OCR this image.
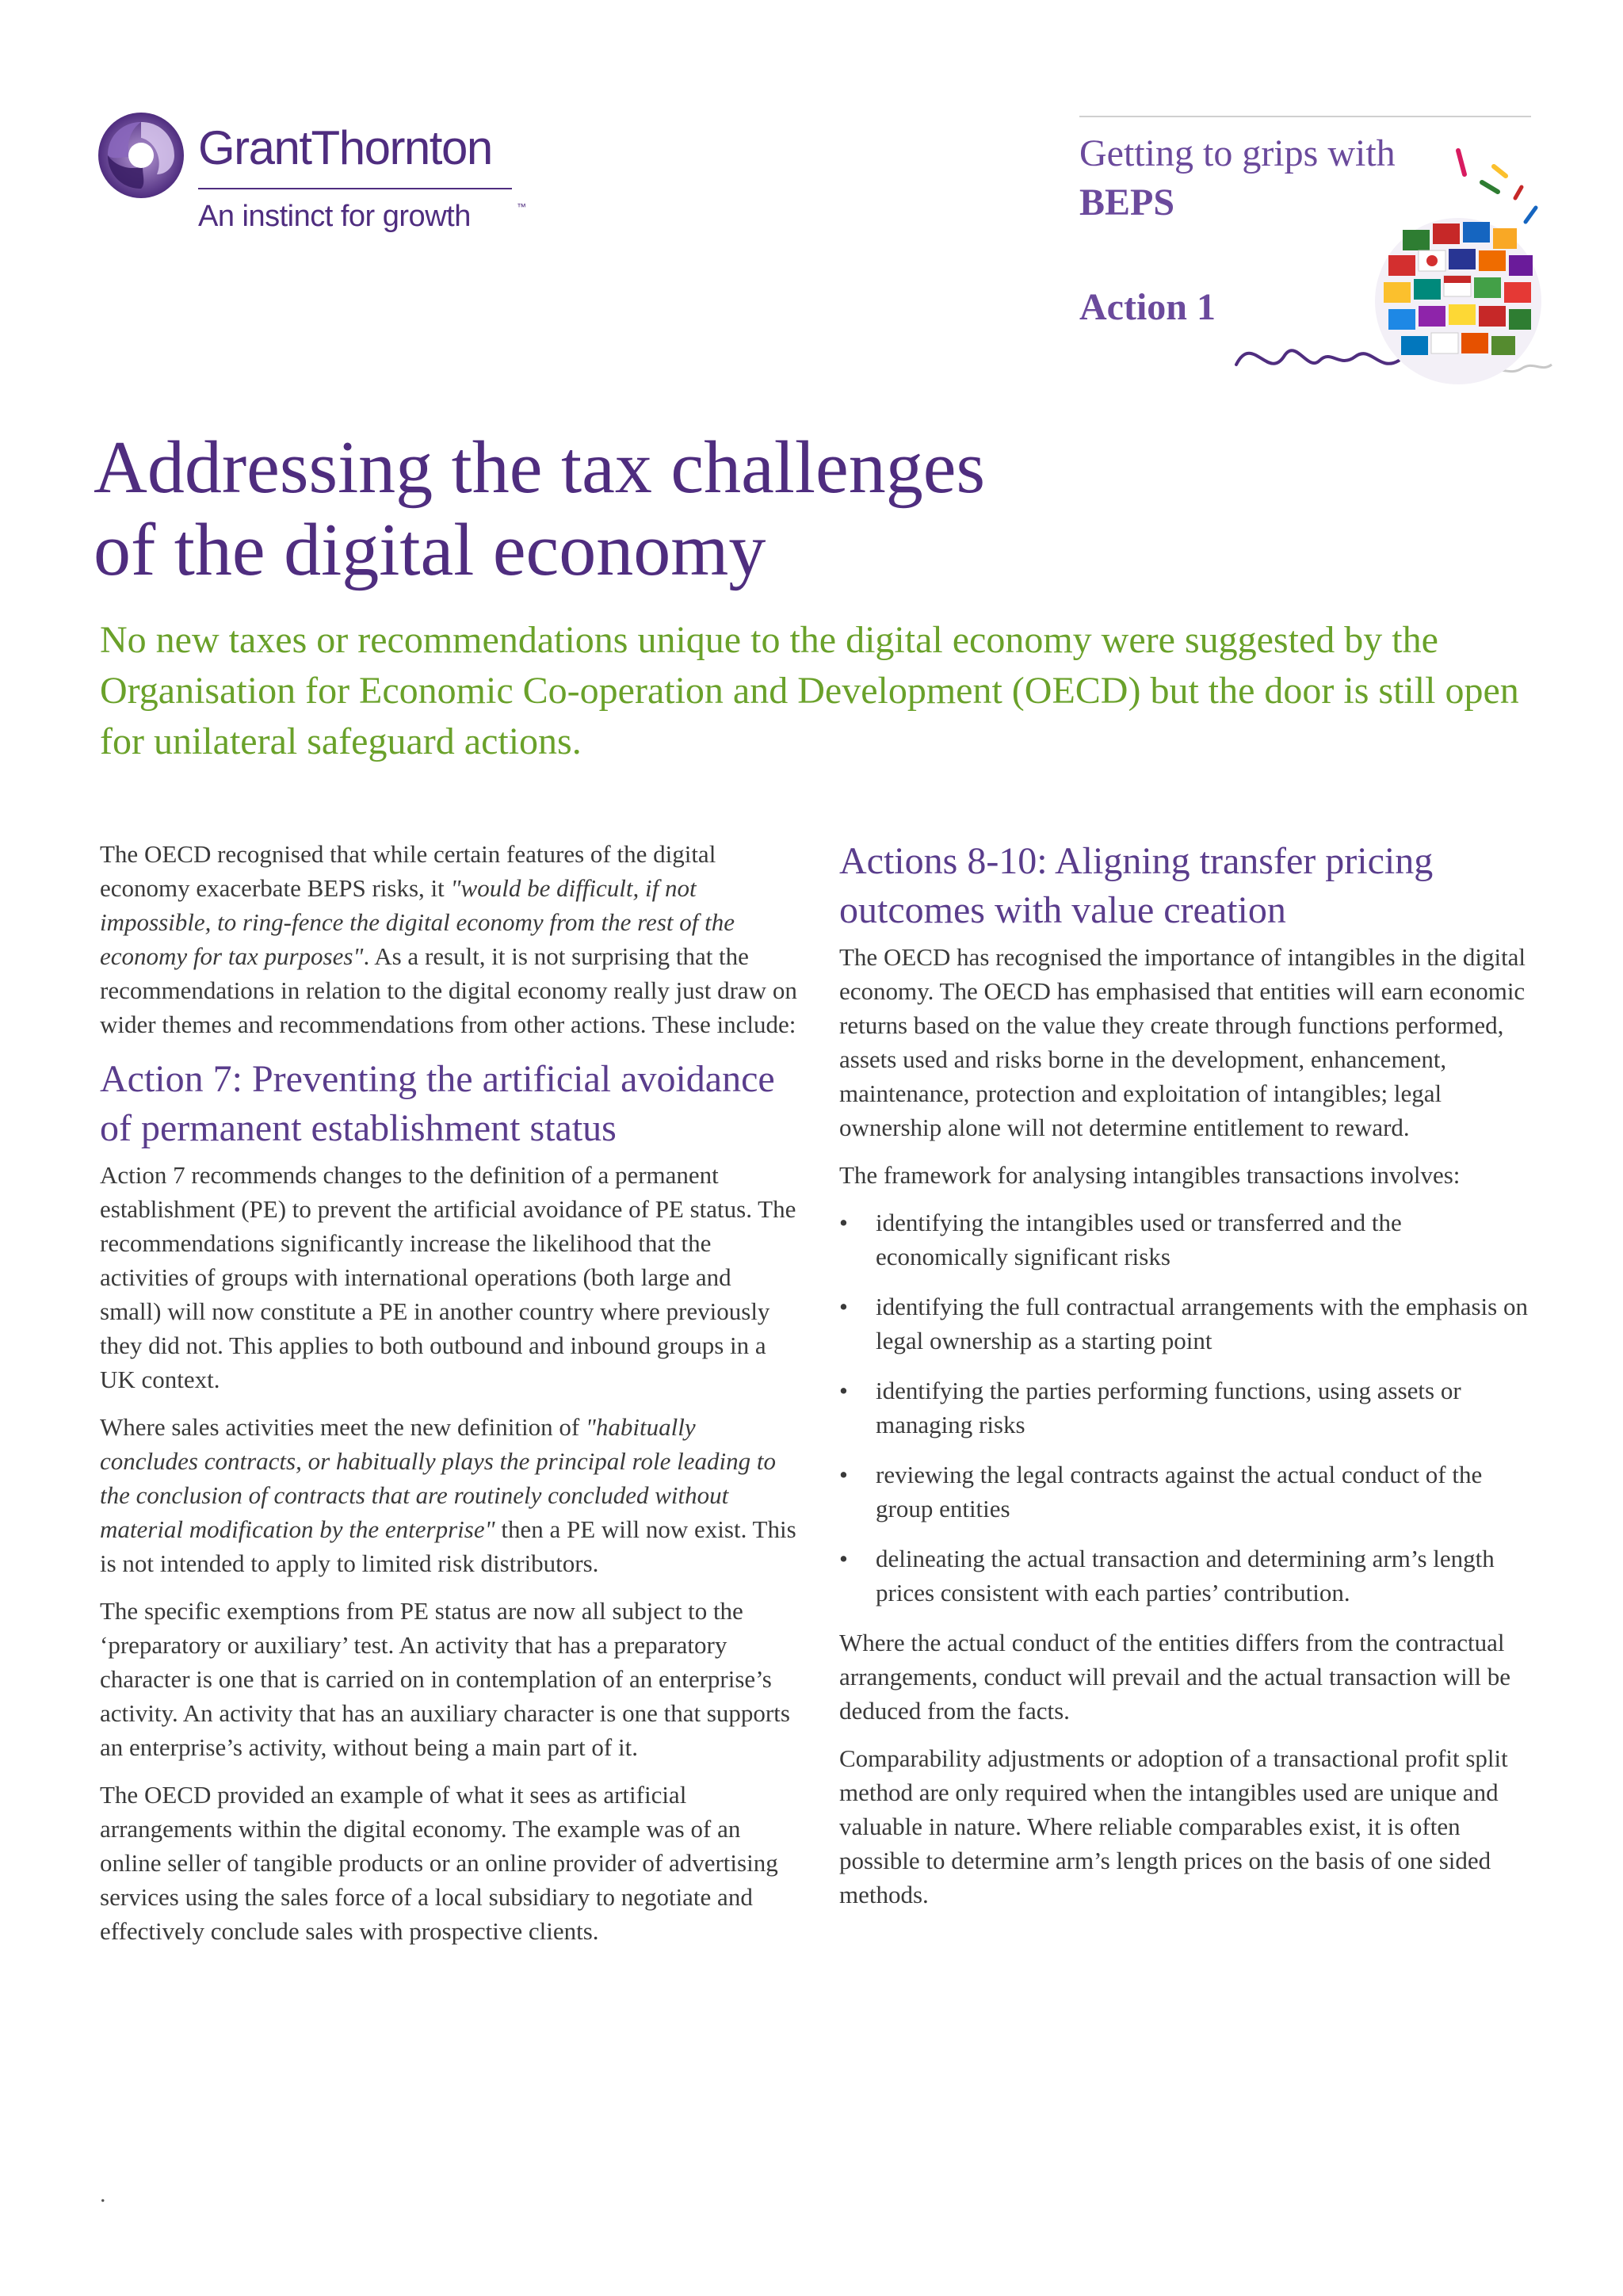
GrantThornton
An instinct for growth	™
Getting to grips with
BEPS
Action 1
Addressing the tax challenges
of the digital economy

No new taxes or recommendations unique to the digital economy were suggested by the Organisation for Economic Co-operation and Development (OECD) but the door is still open for unilateral safeguard actions.

The OECD recognised that while certain features of the digital economy exacerbate BEPS risks, it "would be difficult, if not impossible, to ring-fence the digital economy from the rest of the economy for tax purposes". As a result, it is not surprising that the recommendations in relation to the digital economy really just draw on wider themes and recommendations from other actions. These include:

Action 7: Preventing the artificial avoidance of permanent establishment status

Action 7 recommends changes to the definition of a permanent establishment (PE) to prevent the artificial avoidance of PE status. The recommendations significantly increase the likelihood that the activities of groups with international operations (both large and small) will now constitute a PE in another country where previously they did not. This applies to both outbound and inbound groups in a UK context.

Where sales activities meet the new definition of "habitually concludes contracts, or habitually plays the principal role leading to the conclusion of contracts that are routinely concluded without material modification by the enterprise" then a PE will now exist. This is not intended to apply to limited risk distributors.

The specific exemptions from PE status are now all subject to the ‘preparatory or auxiliary’ test. An activity that has a preparatory character is one that is carried on in contemplation of an enterprise’s activity. An activity that has an auxiliary character is one that supports an enterprise’s activity, without being a main part of it.

The OECD provided an example of what it sees as artificial arrangements within the digital economy. The example was of an online seller of tangible products or an online provider of advertising services using the sales force of a local subsidiary to negotiate and effectively conclude sales with prospective clients.

Actions 8-10: Aligning transfer pricing outcomes with value creation

The OECD has recognised the importance of intangibles in the digital economy. The OECD has emphasised that entities will earn economic returns based on the value they create through functions performed, assets used and risks borne in the development, enhancement, maintenance, protection and exploitation of intangibles; legal ownership alone will not determine entitlement to reward.

The framework for analysing intangibles transactions involves:

• identifying the intangibles used or transferred and the economically significant risks
• identifying the full contractual arrangements with the emphasis on legal ownership as a starting point
• identifying the parties performing functions, using assets or managing risks
• reviewing the legal contracts against the actual conduct of the group entities
• delineating the actual transaction and determining arm’s length prices consistent with each parties’ contribution.

Where the actual conduct of the entities differs from the contractual arrangements, conduct will prevail and the actual transaction will be deduced from the facts.

Comparability adjustments or adoption of a transactional profit split method are only required when the intangibles used are unique and valuable in nature. Where reliable comparables exist, it is often possible to determine arm’s length prices on the basis of one sided methods.

.
